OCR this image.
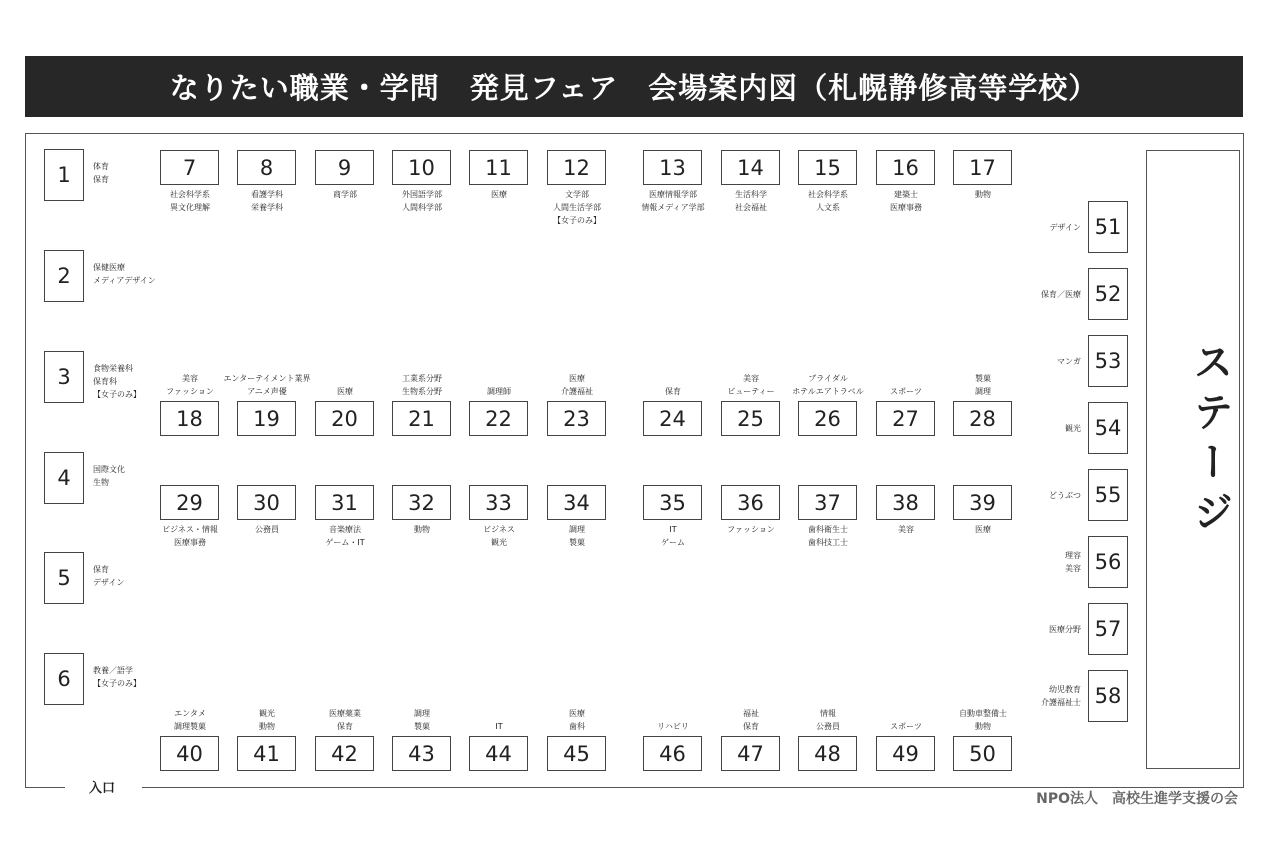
なりたい職業・学問　発見フェア　会場案内図（札幌静修高等学校）
入口
ステージ
1	体育
保育
2	保健医療
メディアデザイン
3	食物栄養科
保育科
【女子のみ】
4	国際文化
生物
5	保育
デザイン
6	教養／語学
【女子のみ】
7
社会科学系
異文化理解
8
看護学科
栄養学科
9
商学部
10
外国語学部
人間科学部
11
医療
12
文学部
人間生活学部
【女子のみ】
13
医療情報学部
情報メディア学部
14
生活科学
社会福祉
15
社会科学系
人文系
16
建築士
医療事務
17
動物
18
美容
ファッション
19
エンターテイメント業界
アニメ声優
20
医療
21
工業系分野
生物系分野
22
調理師
23
医療
介護福祉
24
保育
25
美容
ビューティー
26
ブライダル
ホテルエアトラベル
27
スポーツ
28
製菓
調理
29
ビジネス・情報
医療事務
30
公務員
31
音楽療法
ゲーム・IT
32
動物
33
ビジネス
観光
34
調理
製菓
35
IT
ゲーム
36
ファッション
37
歯科衛生士
歯科技工士
38
美容
39
医療
40
エンタメ
調理製菓
41
観光
動物
42
医療薬業
保育
43
調理
製菓
44
IT
45
医療
歯科
46
リハビリ
47
福祉
保育
48
情報
公務員
49
スポーツ
50
自動車整備士
動物
51
デザイン
52
保育／医療
53
マンガ
54
観光
55
どうぶつ
56
理容
美容
57
医療分野
58
幼児教育
介護福祉士
NPO法人　高校生進学支援の会
